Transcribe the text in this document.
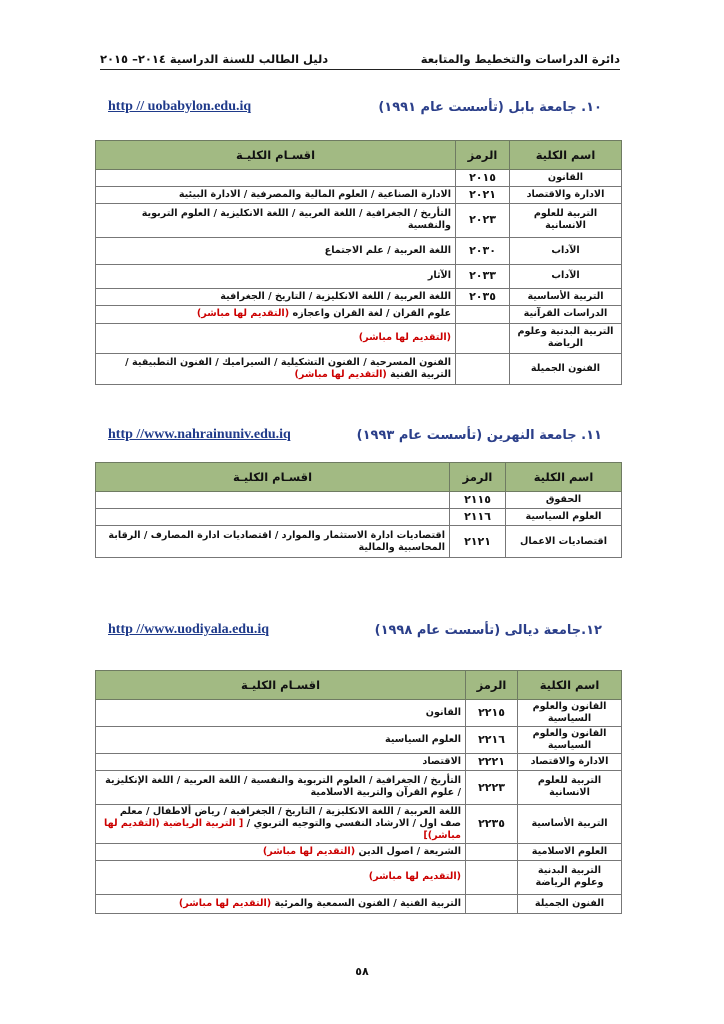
دائرة الدراسات والتخطيط والمتابعة
دليل الطالب للسنة الدراسية ٢٠١٤– ٢٠١٥
١٠. جامعة بابل (تأسست عام ١٩٩١)
http // uobabylon.edu.iq
اسم الكلية	الرمز	اقسـام الكليـة
القانون	٢٠١٥	
الادارة والاقتصاد	٢٠٢١	الادارة الصناعية / العلوم المالية والمصرفية / الادارة البيئية
التربية للعلوم الانسانية	٢٠٢٣	التأريخ / الجغرافية / اللغة العربية / اللغة الانكليزية / العلوم التربوية والنفسية
الآداب	٢٠٣٠	اللغة العربية / علم الاجتماع
الآداب	٢٠٣٣	الآثار
التربية الأساسية	٢٠٣٥	اللغة العربية / اللغة الانكليزية / التاريخ / الجغرافية
الدراسات القرآنية		علوم القران / لغة القران واعجازه (التقديم لها مباشر)
التربية البدنية وعلوم الرياضة		(التقديم لها مباشر)
الفنون الجميلة		الفنون المسرحية / الفنون التشكيلية / السيراميك / الفنون التطبيقية / التربية الفنية (التقديم لها مباشر)
١١. جامعة النهرين (تأسست عام ١٩٩٣)
http //www.nahrainuniv.edu.iq
اسم الكلية	الرمز	اقسـام الكليـة
الحقوق	٢١١٥	
العلوم السياسية	٢١١٦	
اقتصاديات الاعمال	٢١٢١	اقتصاديات ادارة الاستثمار والموارد / اقتصاديات ادارة المصارف / الرقابة المحاسبية والمالية
١٢.جامعة ديالى (تأسست عام ١٩٩٨)
http //www.uodiyala.edu.iq
اسم الكلية	الرمز	اقسـام الكليـة
القانون والعلوم السياسية	٢٢١٥	القانون
القانون والعلوم السياسية	٢٢١٦	العلوم السياسية
الادارة والاقتصاد	٢٢٢١	الاقتصاد
التربية للعلوم الانسانية	٢٢٢٣	التأريخ / الجغرافية / العلوم التربوية والنفسية / اللغة العربية / اللغة الإنكليزية / علوم القرآن والتربية الاسلامية
التربية الأساسية	٢٢٣٥	اللغة العربية / اللغة الانكليزية / التاريخ / الجغرافية / رياض ألاطفال / معلم صف اول / الارشاد النفسي والتوجيه التربوي / [ التربية الرياضية (التقديم لها مباشر)]
العلوم الاسلامية		الشريعة / اصول الدين (التقديم لها مباشر)
التربية البدنية وعلوم الرياضة		(التقديم لها مباشر)
الفنون الجميلة		التربية الفنية / الفنون السمعية والمرئية (التقديم لها مباشر)
٥٨
